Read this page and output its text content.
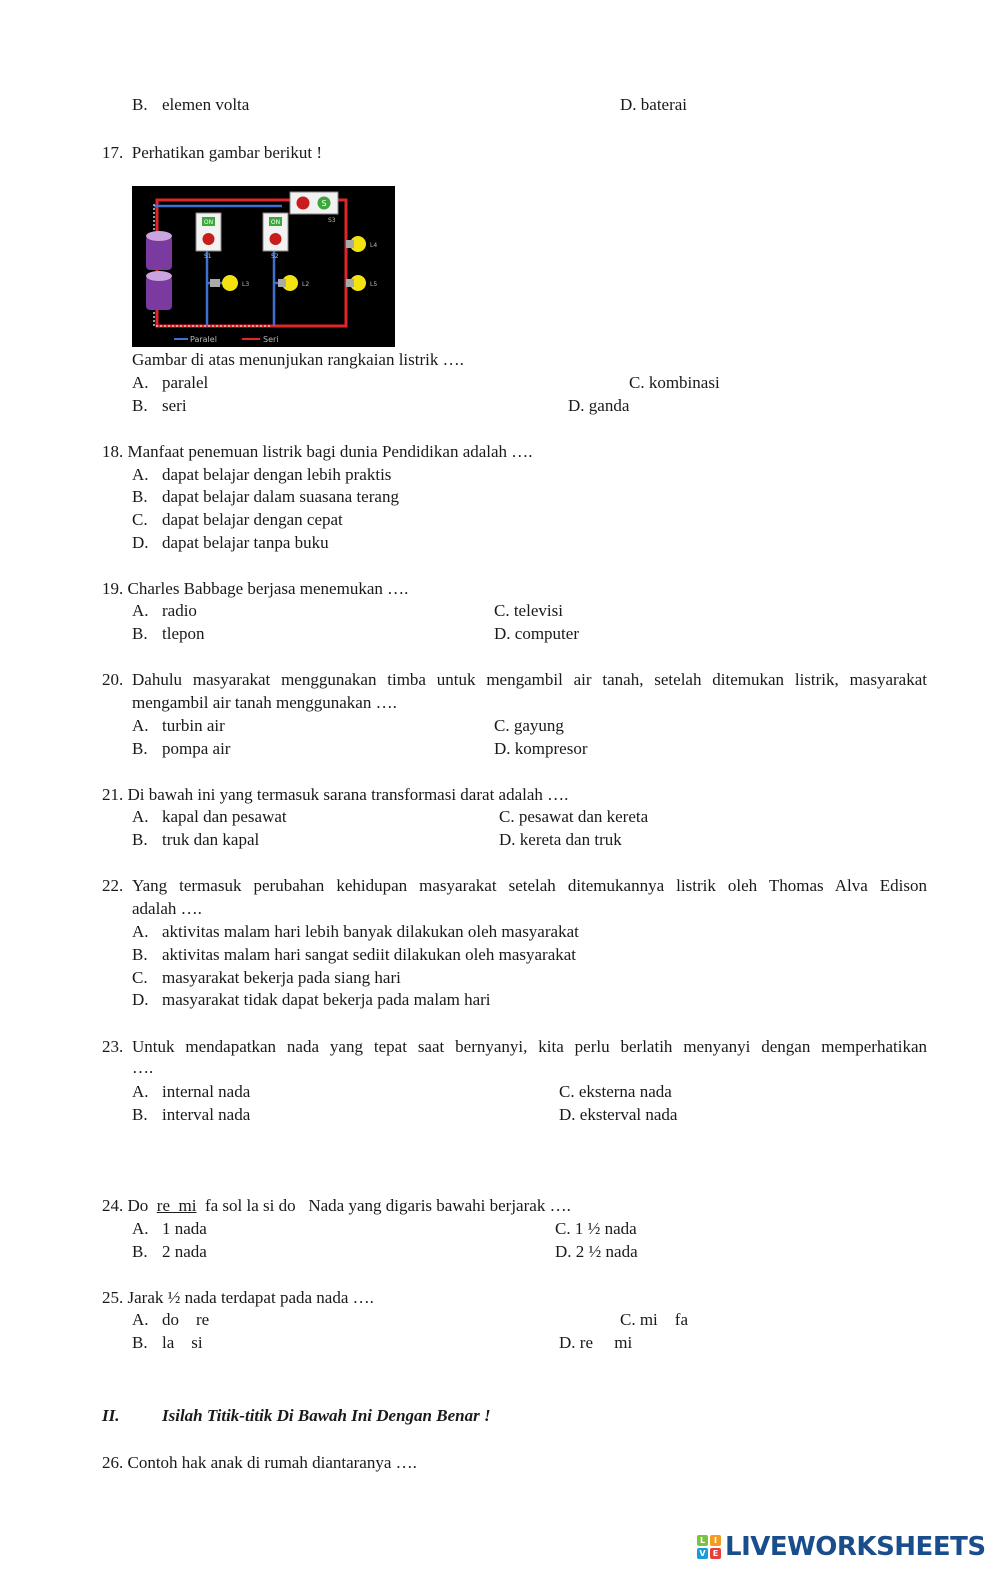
B. elemen volta	D. baterai
17. Perhatikan gambar berikut !
ON
S1
ON
S2
S
S3
L3	L2
L4
L5
Paralel	Seri
Gambar di atas menunjukan rangkaian listrik ….
A. paralel	C. kombinasi
B. seri	D. ganda
18. Manfaat penemuan listrik bagi dunia Pendidikan adalah ….
A. dapat belajar dengan lebih praktis
B. dapat belajar dalam suasana terang
C. dapat belajar dengan cepat
D. dapat belajar tanpa buku
19. Charles Babbage berjasa menemukan ….
A. radio	C. televisi
B. tlepon	D. computer
20. Dahulu masyarakat menggunakan timba untuk mengambil air tanah, setelah ditemukan listrik, masyarakat
mengambil air tanah menggunakan ….
A. turbin air	C. gayung
B. pompa air	D. kompresor
21. Di bawah ini yang termasuk sarana transformasi darat adalah ….
A. kapal dan pesawat	C. pesawat dan kereta
B. truk dan kapal	D. kereta dan truk
22. Yang termasuk perubahan kehidupan masyarakat setelah ditemukannya listrik oleh Thomas Alva Edison
adalah ….
A. aktivitas malam hari lebih banyak dilakukan oleh masyarakat
B. aktivitas malam hari sangat sediit dilakukan oleh masyarakat
C. masyarakat bekerja pada siang hari
D. masyarakat tidak dapat bekerja pada malam hari
23. Untuk mendapatkan nada yang tepat saat bernyanyi, kita perlu berlatih menyanyi dengan memperhatikan
….
A. internal nada	C. eksterna nada
B. interval nada	D. eksterval nada
24. Do re mi fa sol la si do Nada yang digaris bawahi berjarak ….
A. 1 nada	C. 1 ½ nada
B. 2 nada	D. 2 ½ nada
25. Jarak ½ nada terdapat pada nada ….
A. do    re	C. mi    fa
B. la    si	D. re     mi
II.	Isilah Titik-titik Di Bawah Ini Dengan Benar !
26. Contoh hak anak di rumah diantaranya ….
L	I
V E LIVEWORKSHEETS
